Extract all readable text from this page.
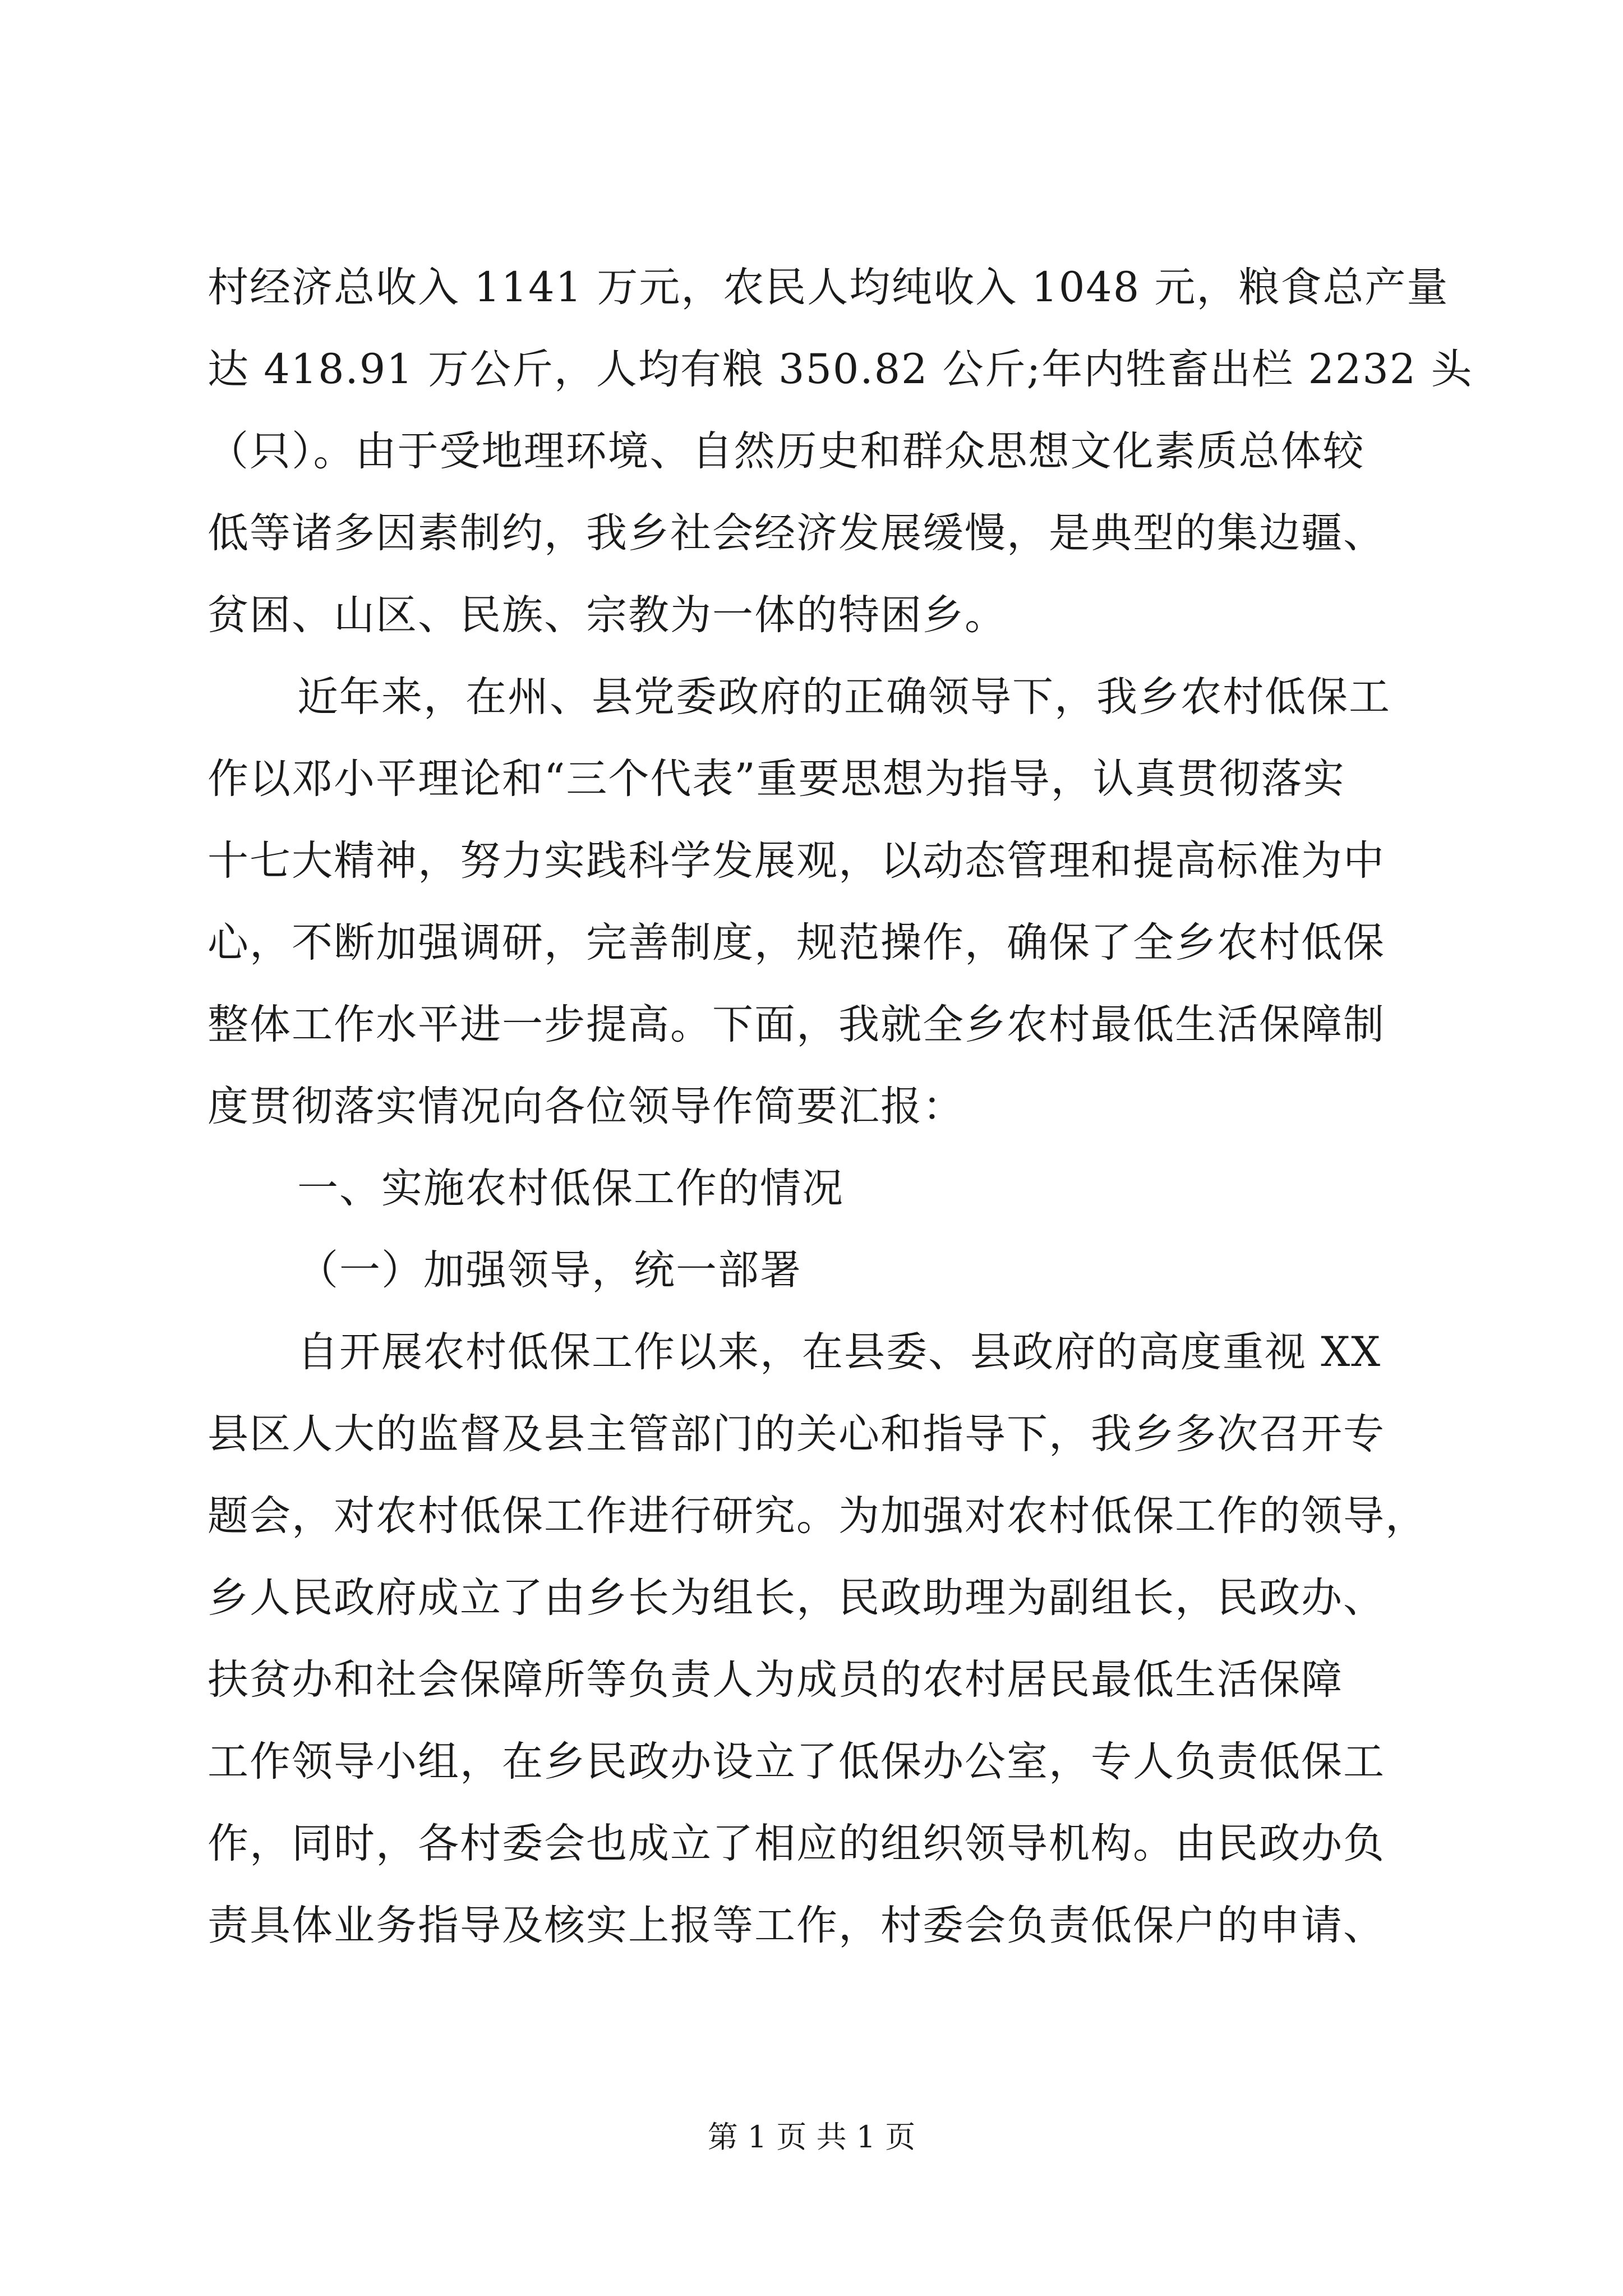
村经济总收入 1141 万元，农民人均纯收入 1048 元，粮食总产量
达 418.91 万公斤，人均有粮 350.82 公斤;年内牲畜出栏 2232 头
（只）。由于受地理环境、自然历史和群众思想文化素质总体较
低等诸多因素制约，我乡社会经济发展缓慢，是典型的集边疆、
贫困、山区、民族、宗教为一体的特困乡。
近年来，在州、县党委政府的正确领导下，我乡农村低保工
作以邓小平理论和“三个代表”重要思想为指导，认真贯彻落实
十七大精神，努力实践科学发展观，以动态管理和提高标准为中
心，不断加强调研，完善制度，规范操作，确保了全乡农村低保
整体工作水平进一步提高。下面，我就全乡农村最低生活保障制
度贯彻落实情况向各位领导作简要汇报：
一、实施农村低保工作的情况
（一）加强领导，统一部署
自开展农村低保工作以来，在县委、县政府的高度重视 XX
县区人大的监督及县主管部门的关心和指导下，我乡多次召开专
题会，对农村低保工作进行研究。为加强对农村低保工作的领导，
乡人民政府成立了由乡长为组长，民政助理为副组长，民政办、
扶贫办和社会保障所等负责人为成员的农村居民最低生活保障
工作领导小组，在乡民政办设立了低保办公室，专人负责低保工
作，同时，各村委会也成立了相应的组织领导机构。由民政办负
责具体业务指导及核实上报等工作，村委会负责低保户的申请、
第 1 页 共 1 页
